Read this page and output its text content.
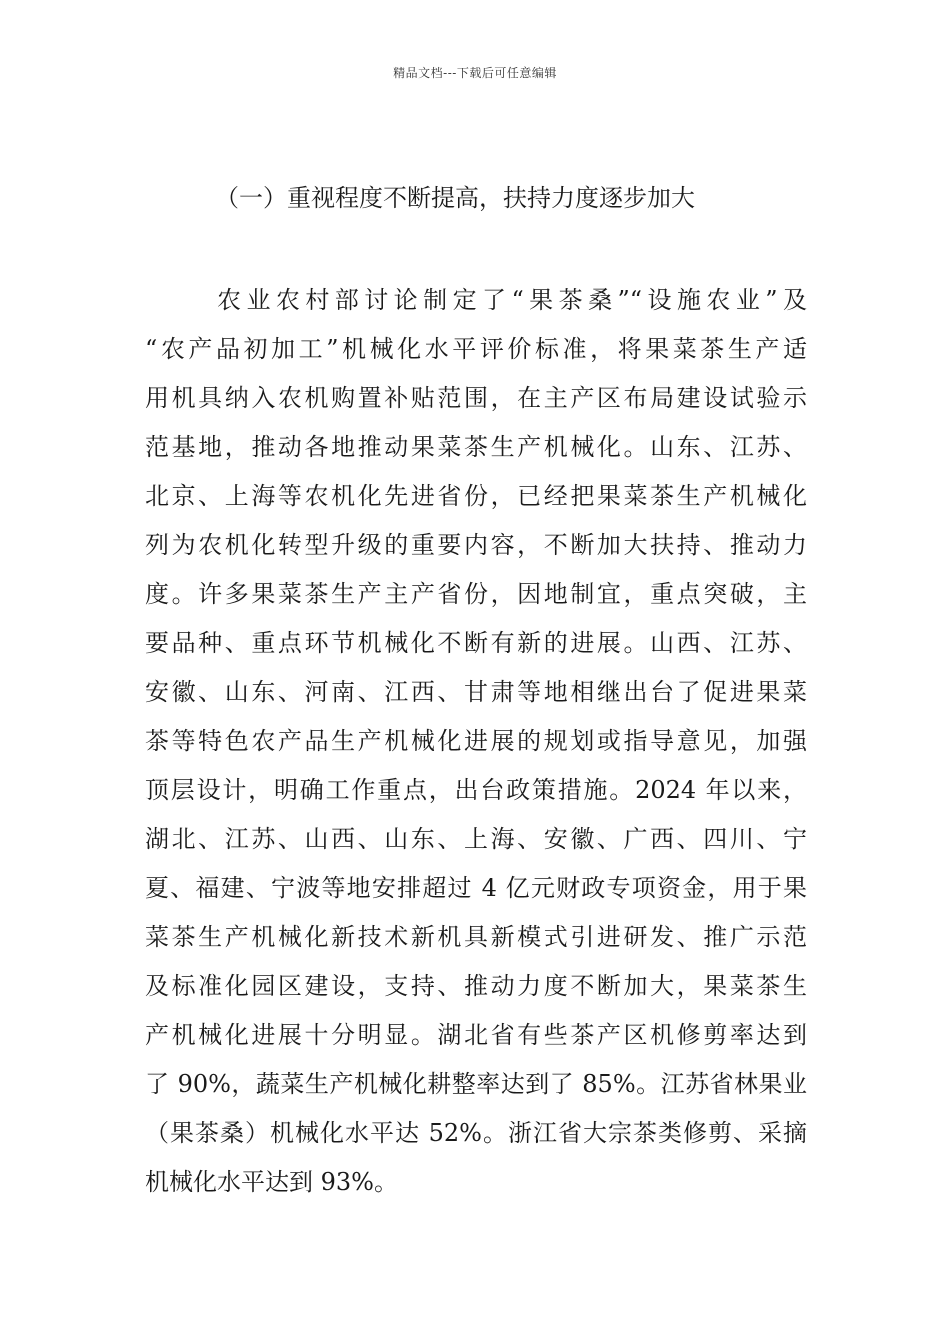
精品文档---下载后可任意编辑
（一）重视程度不断提高，扶持力度逐步加大
农业农村部讨论制定了“果茶桑”“设施农业”及
“农产品初加工”机械化水平评价标准，将果菜茶生产适
用机具纳入农机购置补贴范围，在主产区布局建设试验示
范基地，推动各地推动果菜茶生产机械化。山东、江苏、
北京、上海等农机化先进省份，已经把果菜茶生产机械化
列为农机化转型升级的重要内容，不断加大扶持、推动力
度。许多果菜茶生产主产省份，因地制宜，重点突破，主
要品种、重点环节机械化不断有新的进展。山西、江苏、
安徽、山东、河南、江西、甘肃等地相继出台了促进果菜
茶等特色农产品生产机械化进展的规划或指导意见，加强
顶层设计，明确工作重点，出台政策措施。2024 年以来，
湖北、江苏、山西、山东、上海、安徽、广西、四川、宁
夏、福建、宁波等地安排超过 4 亿元财政专项资金，用于果
菜茶生产机械化新技术新机具新模式引进研发、推广示范
及标准化园区建设，支持、推动力度不断加大，果菜茶生
产机械化进展十分明显。湖北省有些茶产区机修剪率达到
了 90%，蔬菜生产机械化耕整率达到了 85%。江苏省林果业
（果茶桑）机械化水平达 52%。浙江省大宗茶类修剪、采摘
机械化水平达到 93%。
